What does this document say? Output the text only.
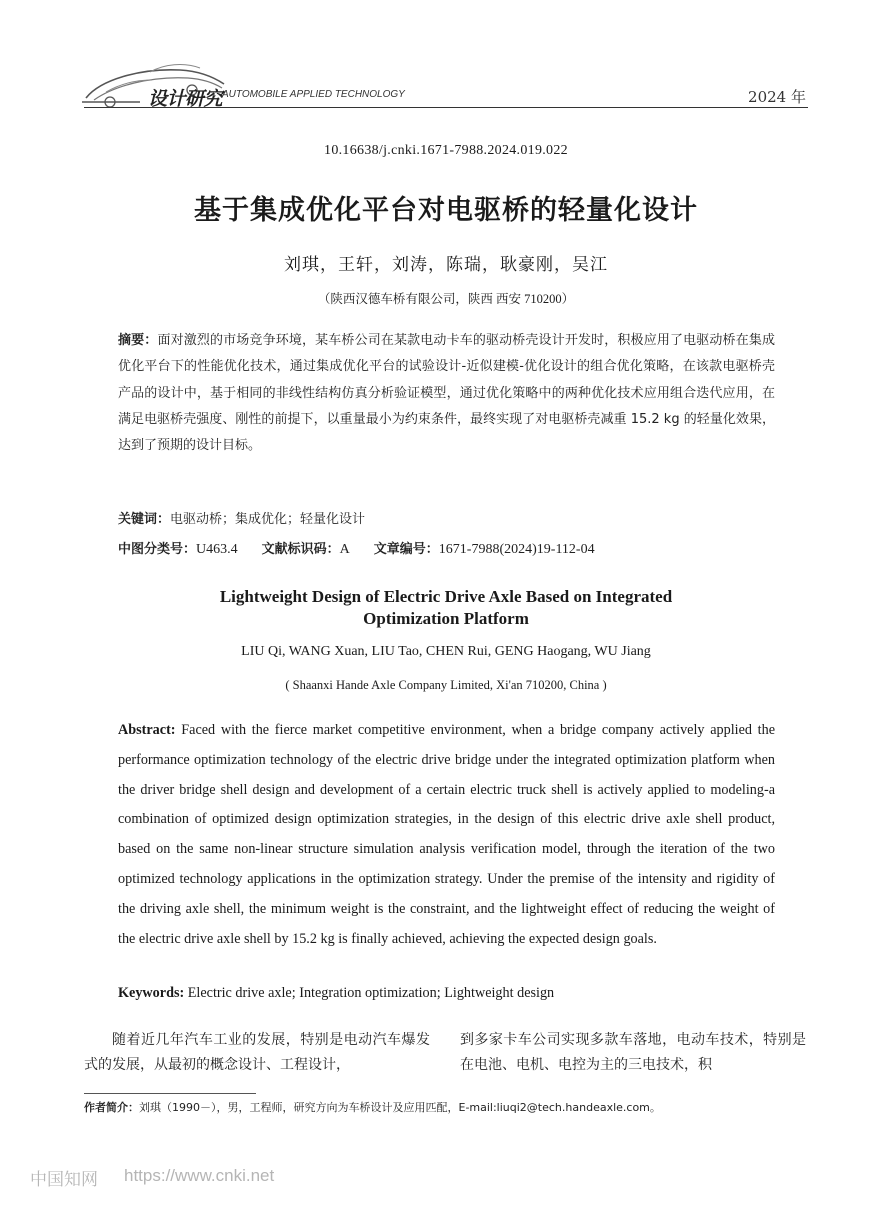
设计研究 AUTOMOBILE APPLIED TECHNOLOGY	2024 年
10.16638/j.cnki.1671-7988.2024.019.022
基于集成优化平台对电驱桥的轻量化设计
刘琪，王轩，刘涛，陈瑞，耿豪刚，吴江
（陕西汉德车桥有限公司，陕西 西安 710200）
摘要：面对激烈的市场竞争环境，某车桥公司在某款电动卡车的驱动桥壳设计开发时，积极应用了电驱动桥在集成优化平台下的性能优化技术，通过集成优化平台的试验设计-近似建模-优化设计的组合优化策略，在该款电驱桥壳产品的设计中，基于相同的非线性结构仿真分析验证模型，通过优化策略中的两种优化技术应用组合迭代应用，在满足电驱桥壳强度、刚性的前提下，以重量最小为约束条件，最终实现了对电驱桥壳减重 15.2 kg 的轻量化效果，达到了预期的设计目标。
关键词：电驱动桥；集成优化；轻量化设计
中图分类号：U463.4 文献标识码：A 文章编号：1671-7988(2024)19-112-04
Lightweight Design of Electric Drive Axle Based on Integrated
Optimization Platform
LIU Qi, WANG Xuan, LIU Tao, CHEN Rui, GENG Haogang, WU Jiang
( Shaanxi Hande Axle Company Limited, Xi'an 710200, China )
Abstract: Faced with the fierce market competitive environment, when a bridge company actively applied the performance optimization technology of the electric drive bridge under the integrated optimization platform when the driver bridge shell design and development of a certain electric truck shell is actively applied to modeling-a combination of optimized design optimization strategies, in the design of this electric drive axle shell product, based on the same non-linear structure simulation analysis verification model, through the iteration of the two optimized technology applications in the optimization strategy. Under the premise of the intensity and rigidity of the driving axle shell, the minimum weight is the constraint, and the lightweight effect of reducing the weight of the electric drive axle shell by 15.2 kg is finally achieved, achieving the expected design goals.
Keywords: Electric drive axle; Integration optimization; Lightweight design
随着近几年汽车工业的发展，特别是电动汽车爆发式的发展，从最初的概念设计、工程设计，
到多家卡车公司实现多款车落地，电动车技术，特别是在电池、电机、电控为主的三电技术，积
作者简介：刘琪（1990－），男，工程师，研究方向为车桥设计及应用匹配，E-mail:liuqi2@tech.handeaxle.com。
中国知网 https://www.cnki.net
